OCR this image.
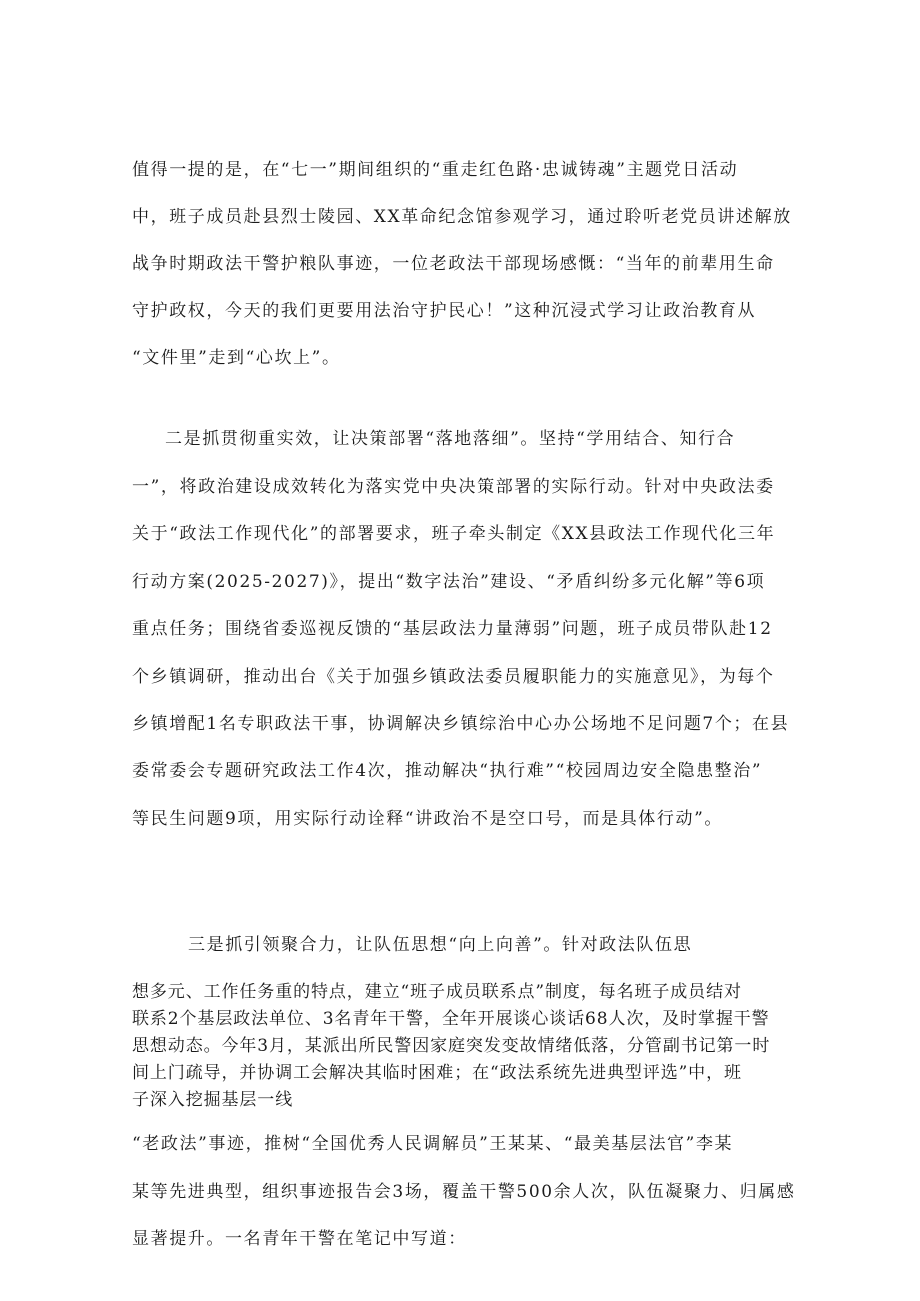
值得一提的是，在“七一”期间组织的“重走红色路·忠诚铸魂”主题党日活动
中，班子成员赴县烈士陵园、XX革命纪念馆参观学习，通过聆听老党员讲述解放
战争时期政法干警护粮队事迹，一位老政法干部现场感慨：“当年的前辈用生命
守护政权，今天的我们更要用法治守护民心！”这种沉浸式学习让政治教育从
“文件里”走到“心坎上”。
二是抓贯彻重实效，让决策部署“落地落细”。坚持“学用结合、知行合
一”，将政治建设成效转化为落实党中央决策部署的实际行动。针对中央政法委
关于“政法工作现代化”的部署要求，班子牵头制定《XX县政法工作现代化三年
行动方案(2025-2027)》，提出“数字法治”建设、“矛盾纠纷多元化解”等6项
重点任务；围绕省委巡视反馈的“基层政法力量薄弱”问题，班子成员带队赴12
个乡镇调研，推动出台《关于加强乡镇政法委员履职能力的实施意见》，为每个
乡镇增配1名专职政法干事，协调解决乡镇综治中心办公场地不足问题7个；在县
委常委会专题研究政法工作4次，推动解决“执行难”“校园周边安全隐患整治”
等民生问题9项，用实际行动诠释“讲政治不是空口号，而是具体行动”。
三是抓引领聚合力，让队伍思想“向上向善”。针对政法队伍思
想多元、工作任务重的特点，建立“班子成员联系点”制度，每名班子成员结对
联系2个基层政法单位、3名青年干警，全年开展谈心谈话68人次，及时掌握干警
思想动态。今年3月，某派出所民警因家庭突发变故情绪低落，分管副书记第一时
间上门疏导，并协调工会解决其临时困难；在“政法系统先进典型评选”中，班
子深入挖掘基层一线
“老政法”事迹，推树“全国优秀人民调解员”王某某、“最美基层法官”李某
某等先进典型，组织事迹报告会3场，覆盖干警500余人次，队伍凝聚力、归属感
显著提升。一名青年干警在笔记中写道：
